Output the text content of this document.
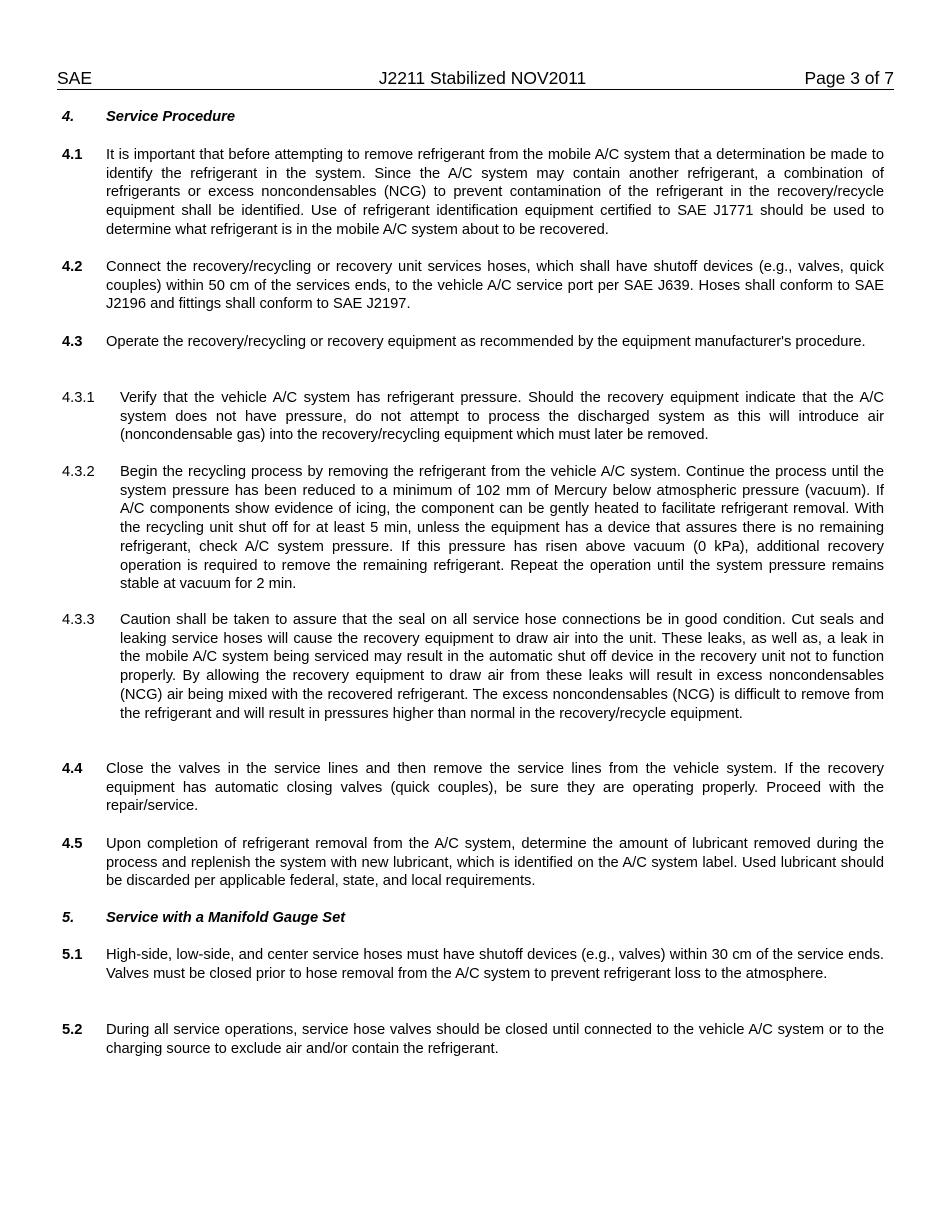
SAE	J2211 Stabilized NOV2011	Page 3 of 7
4. Service Procedure
4.1 It is important that before attempting to remove refrigerant from the mobile A/C system that a determination be made to identify the refrigerant in the system. Since the A/C system may contain another refrigerant, a combination of refrigerants or excess noncondensables (NCG) to prevent contamination of the refrigerant in the recovery/recycle equipment shall be identified. Use of refrigerant identification equipment certified to SAE J1771 should be used to determine what refrigerant is in the mobile A/C system about to be recovered.
4.2 Connect the recovery/recycling or recovery unit services hoses, which shall have shutoff devices (e.g., valves, quick couples) within 50 cm of the services ends, to the vehicle A/C service port per SAE J639. Hoses shall conform to SAE J2196 and fittings shall conform to SAE J2197.
4.3 Operate the recovery/recycling or recovery equipment as recommended by the equipment manufacturer's procedure.
4.3.1 Verify that the vehicle A/C system has refrigerant pressure. Should the recovery equipment indicate that the A/C system does not have pressure, do not attempt to process the discharged system as this will introduce air (noncondensable gas) into the recovery/recycling equipment which must later be removed.
4.3.2 Begin the recycling process by removing the refrigerant from the vehicle A/C system. Continue the process until the system pressure has been reduced to a minimum of 102 mm of Mercury below atmospheric pressure (vacuum). If A/C components show evidence of icing, the component can be gently heated to facilitate refrigerant removal. With the recycling unit shut off for at least 5 min, unless the equipment has a device that assures there is no remaining refrigerant, check A/C system pressure. If this pressure has risen above vacuum (0 kPa), additional recovery operation is required to remove the remaining refrigerant. Repeat the operation until the system pressure remains stable at vacuum for 2 min.
4.3.3 Caution shall be taken to assure that the seal on all service hose connections be in good condition. Cut seals and leaking service hoses will cause the recovery equipment to draw air into the unit. These leaks, as well as, a leak in the mobile A/C system being serviced may result in the automatic shut off device in the recovery unit not to function properly. By allowing the recovery equipment to draw air from these leaks will result in excess noncondensables (NCG) air being mixed with the recovered refrigerant. The excess noncondensables (NCG) is difficult to remove from the refrigerant and will result in pressures higher than normal in the recovery/recycle equipment.
4.4 Close the valves in the service lines and then remove the service lines from the vehicle system. If the recovery equipment has automatic closing valves (quick couples), be sure they are operating properly. Proceed with the repair/service.
4.5 Upon completion of refrigerant removal from the A/C system, determine the amount of lubricant removed during the process and replenish the system with new lubricant, which is identified on the A/C system label. Used lubricant should be discarded per applicable federal, state, and local requirements.
5. Service with a Manifold Gauge Set
5.1 High-side, low-side, and center service hoses must have shutoff devices (e.g., valves) within 30 cm of the service ends. Valves must be closed prior to hose removal from the A/C system to prevent refrigerant loss to the atmosphere.
5.2 During all service operations, service hose valves should be closed until connected to the vehicle A/C system or to the charging source to exclude air and/or contain the refrigerant.
